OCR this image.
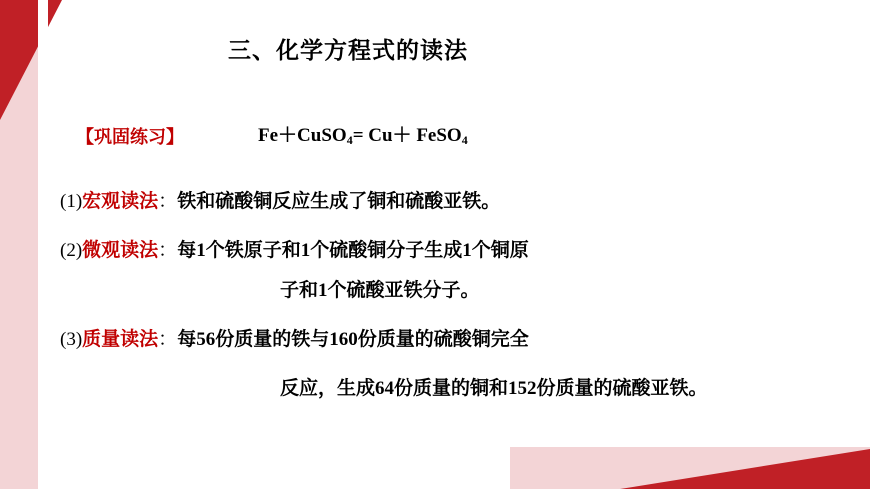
三、化学方程式的读法
【巩固练习】	Fe＋CuSO$_4$= Cu＋ FeSO$_4$
(1)宏观读法：铁和硫酸铜反应生成了铜和硫酸亚铁。
(2)微观读法：每1个铁原子和1个硫酸铜分子生成1个铜原
子和1个硫酸亚铁分子。
(3)质量读法：每56份质量的铁与160份质量的硫酸铜完全
反应，生成64份质量的铜和152份质量的硫酸亚铁。
